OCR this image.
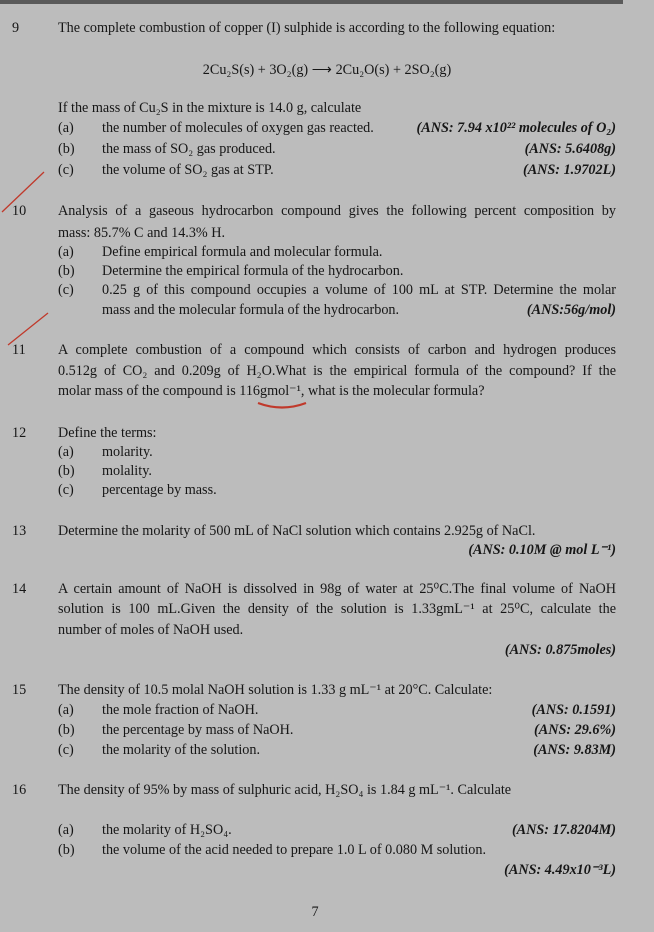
9	The complete combustion of copper (I) sulphide is according to the following equation:
2Cu₂S(s) + 3O₂(g) ⟶ 2Cu₂O(s) + 2SO₂(g)
If the mass of Cu₂S in the mixture is 14.0 g, calculate
(a) the number of molecules of oxygen gas reacted.	(ANS: 7.94 x10²² molecules of O₂)
(b) the mass of SO₂ gas produced.	(ANS: 5.6408g)
(c) the volume of SO₂ gas at STP.	(ANS: 1.9702L)
10 Analysis of a gaseous hydrocarbon compound gives the following percent composition by
mass: 85.7% C and 14.3% H.
(a) Define empirical formula and molecular formula.
(b) Determine the empirical formula of the hydrocarbon.
(c) 0.25 g of this compound occupies a volume of 100 mL at STP. Determine the molar
mass and the molecular formula of the hydrocarbon.	(ANS:56g/mol)
11 A complete combustion of a compound which consists of carbon and hydrogen produces
0.512g of CO₂ and 0.209g of H₂O.What is the empirical formula of the compound? If the
molar mass of the compound is 116gmol⁻¹, what is the molecular formula?
12 Define the terms:
(a) molarity.
(b) molality.
(c) percentage by mass.
13 Determine the molarity of 500 mL of NaCl solution which contains 2.925g of NaCl.
(ANS: 0.10M @ mol L⁻¹)
14 A certain amount of NaOH is dissolved in 98g of water at 25⁰C.The final volume of NaOH
solution is 100 mL.Given the density of the solution is 1.33gmL⁻¹ at 25⁰C, calculate the
number of moles of NaOH used.
(ANS: 0.875moles)
15 The density of 10.5 molal NaOH solution is 1.33 g mL⁻¹ at 20°C. Calculate:
(a) the mole fraction of NaOH.	(ANS: 0.1591)
(b) the percentage by mass of NaOH.	(ANS: 29.6%)
(c) the molarity of the solution.	(ANS: 9.83M)
16 The density of 95% by mass of sulphuric acid, H₂SO₄ is 1.84 g mL⁻¹. Calculate
(a) the molarity of H₂SO₄.	(ANS: 17.8204M)
(b) the volume of the acid needed to prepare 1.0 L of 0.080 M solution.
(ANS: 4.49x10⁻³L)
7
